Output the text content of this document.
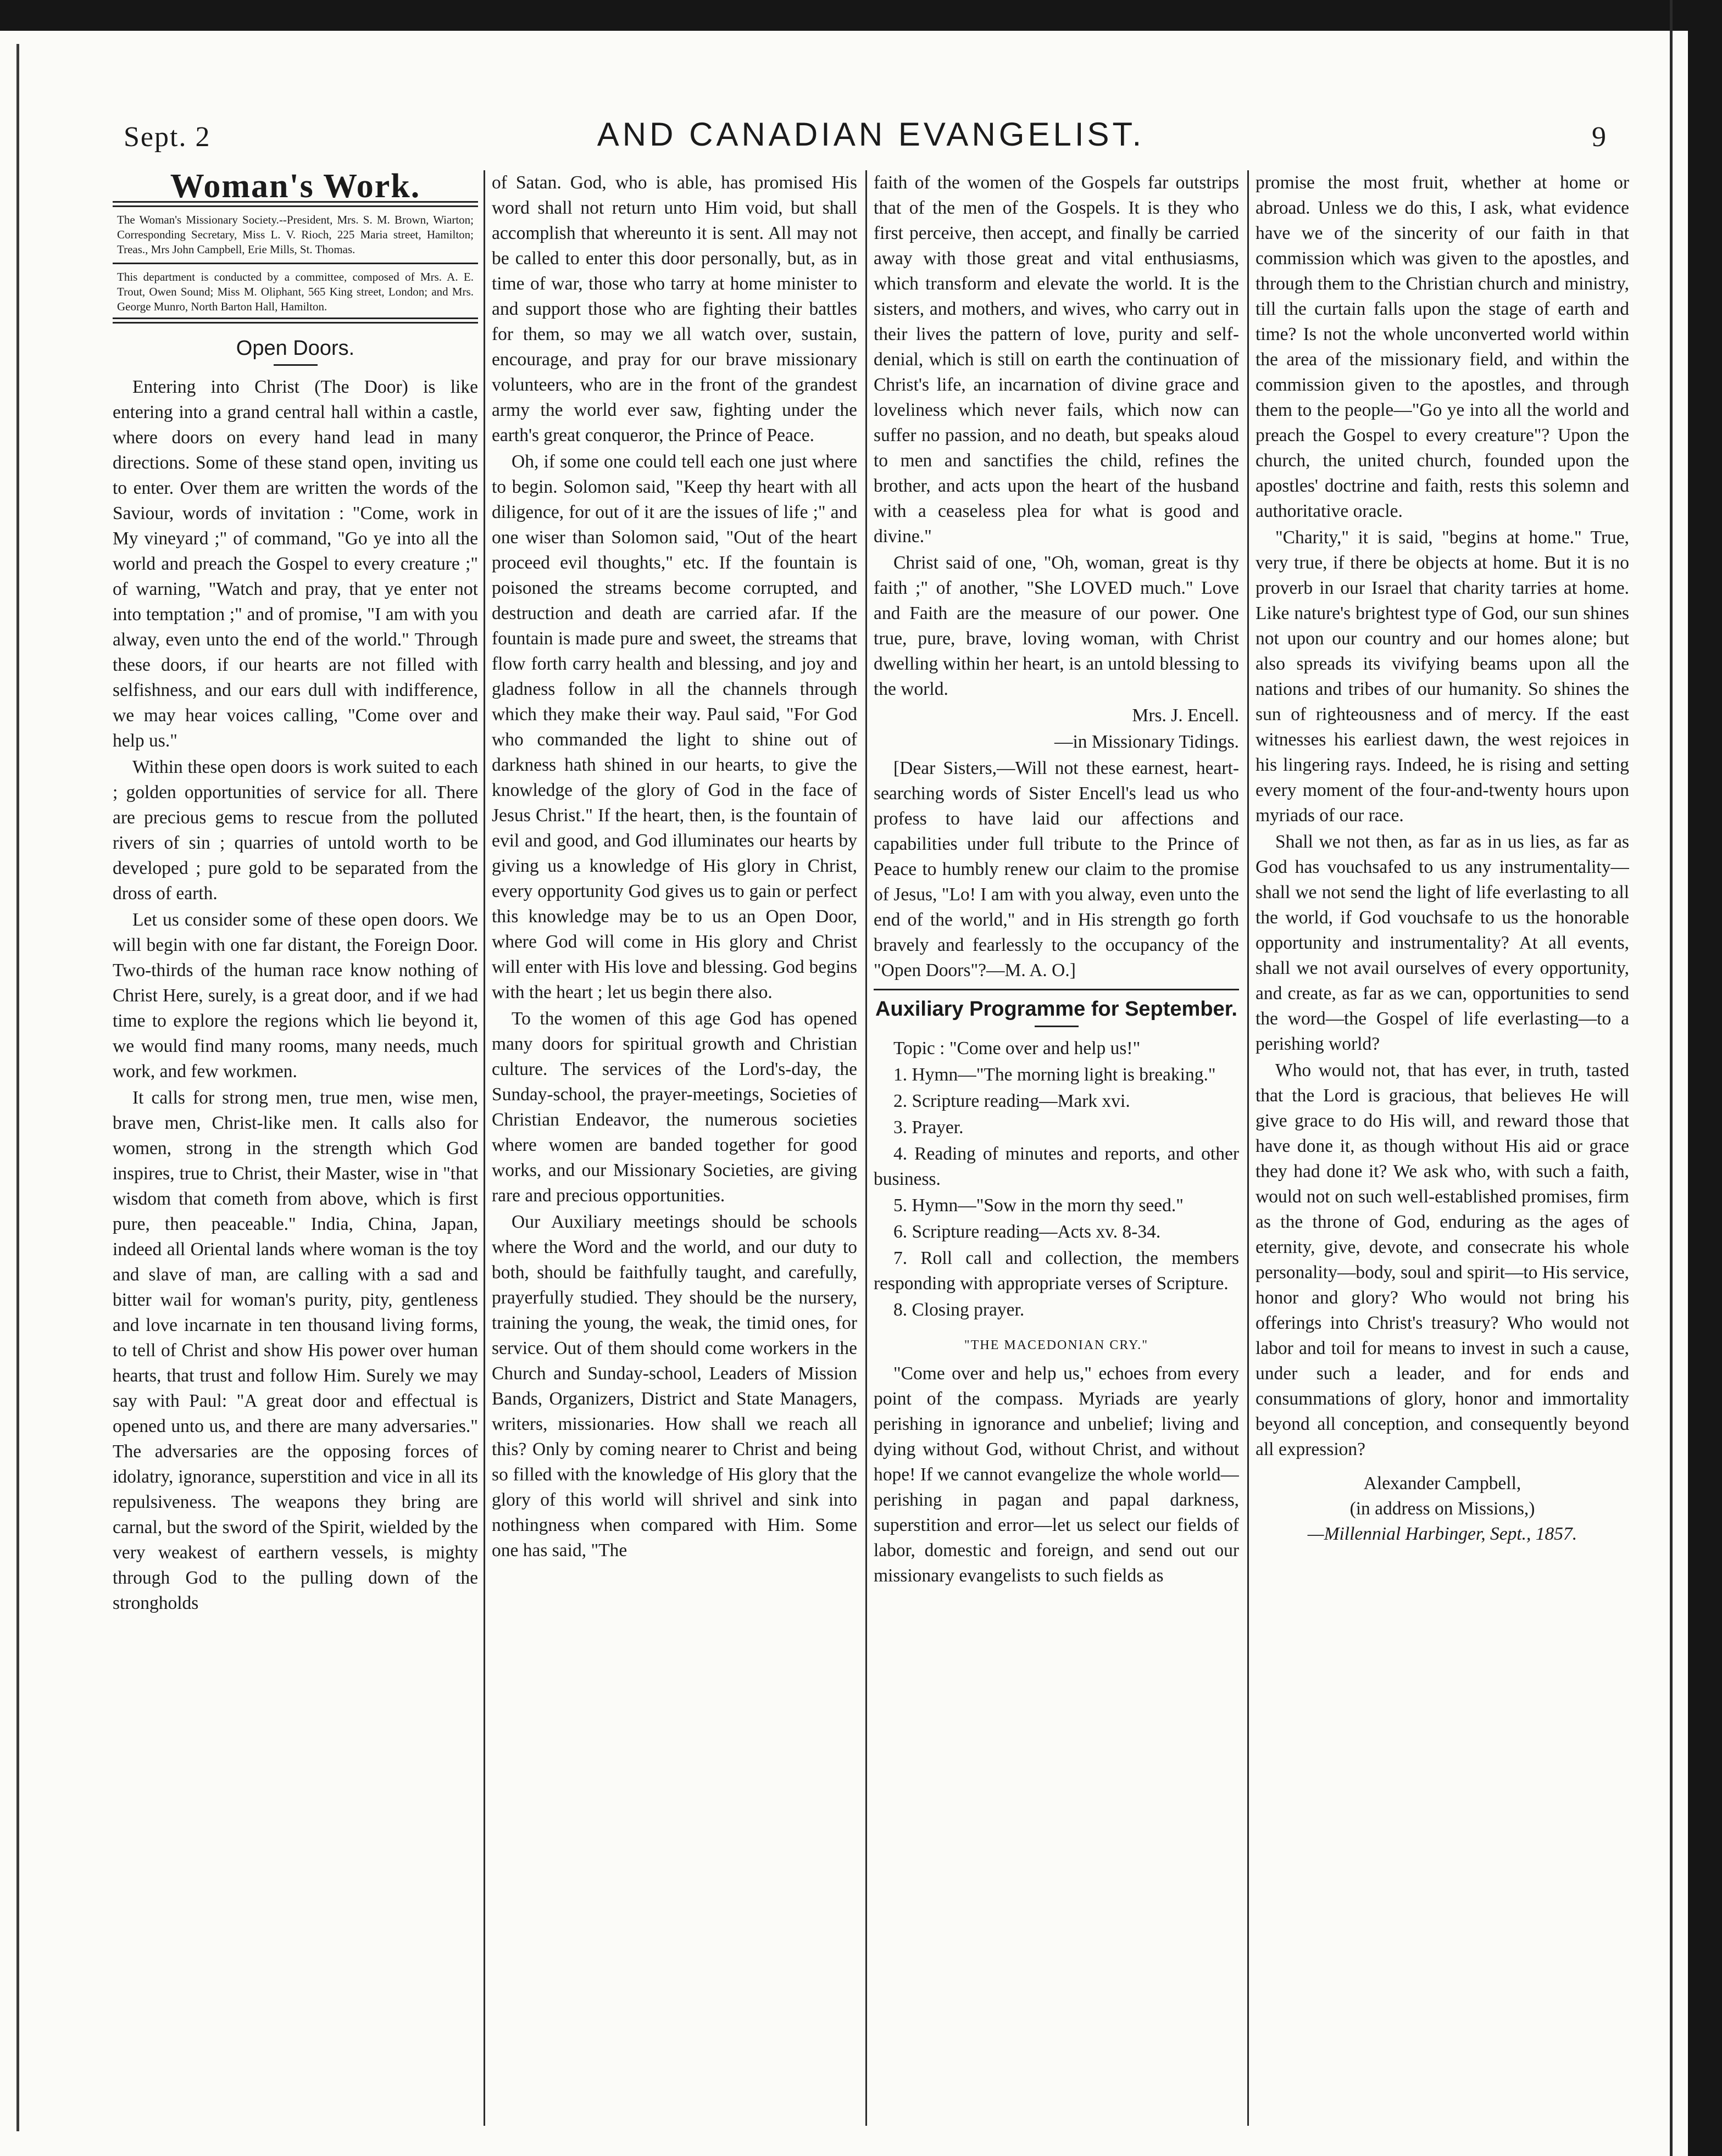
Sept. 2	AND CANADIAN EVANGELIST.	9
Woman's Work.
The Woman's Missionary Society.--President, Mrs. S. M. Brown, Wiarton; Corresponding Secretary, Miss L. V. Rioch, 225 Maria street, Hamilton; Treas., Mrs John Campbell, Erie Mills, St. Thomas.
This department is conducted by a committee, composed of Mrs. A. E. Trout, Owen Sound; Miss M. Oliphant, 565 King street, London; and Mrs. George Munro, North Barton Hall, Hamilton.
Open Doors.

Entering into Christ (The Door) is like entering into a grand central hall within a castle, where doors on every hand lead in many directions. Some of these stand open, inviting us to enter. Over them are written the words of the Saviour, words of invitation : "Come, work in My vineyard ;" of command, "Go ye into all the world and preach the Gospel to every creature ;" of warning, "Watch and pray, that ye enter not into temptation ;" and of promise, "I am with you alway, even unto the end of the world." Through these doors, if our hearts are not filled with selfishness, and our ears dull with indifference, we may hear voices calling, "Come over and help us."

Within these open doors is work suited to each ; golden opportunities of service for all. There are precious gems to rescue from the polluted rivers of sin ; quarries of untold worth to be developed ; pure gold to be separated from the dross of earth.

Let us consider some of these open doors. We will begin with one far distant, the Foreign Door. Two-thirds of the human race know nothing of Christ Here, surely, is a great door, and if we had time to explore the regions which lie beyond it, we would find many rooms, many needs, much work, and few workmen.

It calls for strong men, true men, wise men, brave men, Christ-like men. It calls also for women, strong in the strength which God inspires, true to Christ, their Master, wise in "that wisdom that cometh from above, which is first pure, then peaceable." India, China, Japan, indeed all Oriental lands where woman is the toy and slave of man, are calling with a sad and bitter wail for woman's purity, pity, gentleness and love incarnate in ten thousand living forms, to tell of Christ and show His power over human hearts, that trust and follow Him. Surely we may say with Paul: "A great door and effectual is opened unto us, and there are many adversaries." The adversaries are the opposing forces of idolatry, ignorance, superstition and vice in all its repulsiveness. The weapons they bring are carnal, but the sword of the Spirit, wielded by the very weakest of earthern vessels, is mighty through God to the pulling down of the strongholds

of Satan. God, who is able, has promised His word shall not return unto Him void, but shall accomplish that whereunto it is sent. All may not be called to enter this door personally, but, as in time of war, those who tarry at home minister to and support those who are fighting their battles for them, so may we all watch over, sustain, encourage, and pray for our brave missionary volunteers, who are in the front of the grandest army the world ever saw, fighting under the earth's great conqueror, the Prince of Peace.

Oh, if some one could tell each one just where to begin. Solomon said, "Keep thy heart with all diligence, for out of it are the issues of life ;" and one wiser than Solomon said, "Out of the heart proceed evil thoughts," etc. If the fountain is poisoned the streams become corrupted, and destruction and death are carried afar. If the fountain is made pure and sweet, the streams that flow forth carry health and blessing, and joy and gladness follow in all the channels through which they make their way. Paul said, "For God who commanded the light to shine out of darkness hath shined in our hearts, to give the knowledge of the glory of God in the face of Jesus Christ." If the heart, then, is the fountain of evil and good, and God illuminates our hearts by giving us a knowledge of His glory in Christ, every opportunity God gives us to gain or perfect this knowledge may be to us an Open Door, where God will come in His glory and Christ will enter with His love and blessing. God begins with the heart ; let us begin there also.

To the women of this age God has opened many doors for spiritual growth and Christian culture. The services of the Lord's-day, the Sunday-school, the prayer-meetings, Societies of Christian Endeavor, the numerous societies where women are banded together for good works, and our Missionary Societies, are giving rare and precious opportunities.

Our Auxiliary meetings should be schools where the Word and the world, and our duty to both, should be faithfully taught, and carefully, prayerfully studied. They should be the nursery, training the young, the weak, the timid ones, for service. Out of them should come workers in the Church and Sunday-school, Leaders of Mission Bands, Organizers, District and State Managers, writers, missionaries. How shall we reach all this? Only by coming nearer to Christ and being so filled with the knowledge of His glory that the glory of this world will shrivel and sink into nothingness when compared with Him. Some one has said, "The

faith of the women of the Gospels far outstrips that of the men of the Gospels. It is they who first perceive, then accept, and finally be carried away with those great and vital enthusiasms, which transform and elevate the world. It is the sisters, and mothers, and wives, who carry out in their lives the pattern of love, purity and self-denial, which is still on earth the continuation of Christ's life, an incarnation of divine grace and loveliness which never fails, which now can suffer no passion, and no death, but speaks aloud to men and sanctifies the child, refines the brother, and acts upon the heart of the husband with a ceaseless plea for what is good and divine."

Christ said of one, "Oh, woman, great is thy faith ;" of another, "She LOVED much." Love and Faith are the measure of our power. One true, pure, brave, loving woman, with Christ dwelling within her heart, is an untold blessing to the world.

Mrs. J. Encell.

—in Missionary Tidings.

[Dear Sisters,—Will not these earnest, heart-searching words of Sister Encell's lead us who profess to have laid our affections and capabilities under full tribute to the Prince of Peace to humbly renew our claim to the promise of Jesus, "Lo! I am with you alway, even unto the end of the world," and in His strength go forth bravely and fearlessly to the occupancy of the "Open Doors"?—M. A. O.]

Auxiliary Programme for September.

Topic : "Come over and help us!"

1. Hymn—"The morning light is breaking."

2. Scripture reading—Mark xvi.

3. Prayer.

4. Reading of minutes and reports, and other business.

5. Hymn—"Sow in the morn thy seed."

6. Scripture reading—Acts xv. 8-34.

7. Roll call and collection, the members responding with appropriate verses of Scripture.

8. Closing prayer.

"THE MACEDONIAN CRY."

"Come over and help us," echoes from every point of the compass. Myriads are yearly perishing in ignorance and unbelief; living and dying without God, without Christ, and without hope! If we cannot evangelize the whole world—perishing in pagan and papal darkness, superstition and error—let us select our fields of labor, domestic and foreign, and send out our missionary evangelists to such fields as

promise the most fruit, whether at home or abroad. Unless we do this, I ask, what evidence have we of the sincerity of our faith in that commission which was given to the apostles, and through them to the Christian church and ministry, till the curtain falls upon the stage of earth and time? Is not the whole unconverted world within the area of the missionary field, and within the commission given to the apostles, and through them to the people—"Go ye into all the world and preach the Gospel to every creature"? Upon the church, the united church, founded upon the apostles' doctrine and faith, rests this solemn and authoritative oracle.

"Charity," it is said, "begins at home." True, very true, if there be objects at home. But it is no proverb in our Israel that charity tarries at home. Like nature's brightest type of God, our sun shines not upon our country and our homes alone; but also spreads its vivifying beams upon all the nations and tribes of our humanity. So shines the sun of righteousness and of mercy. If the east witnesses his earliest dawn, the west rejoices in his lingering rays. Indeed, he is rising and setting every moment of the four-and-twenty hours upon myriads of our race.

Shall we not then, as far as in us lies, as far as God has vouchsafed to us any instrumentality—shall we not send the light of life everlasting to all the world, if God vouchsafe to us the honorable opportunity and instrumentality? At all events, shall we not avail ourselves of every opportunity, and create, as far as we can, opportunities to send the word—the Gospel of life everlasting—to a perishing world?

Who would not, that has ever, in truth, tasted that the Lord is gracious, that believes He will give grace to do His will, and reward those that have done it, as though without His aid or grace they had done it? We ask who, with such a faith, would not on such well-established promises, firm as the throne of God, enduring as the ages of eternity, give, devote, and consecrate his whole personality—body, soul and spirit—to His service, honor and glory? Who would not bring his offerings into Christ's treasury? Who would not labor and toil for means to invest in such a cause, under such a leader, and for ends and consummations of glory, honor and immortality beyond all conception, and consequently beyond all expression?

Alexander Campbell,
(in address on Missions,)
—Millennial Harbinger, Sept., 1857.
